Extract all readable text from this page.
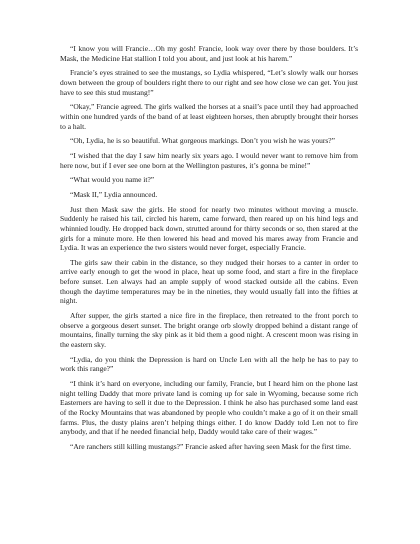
“I know you will Francie…Oh my gosh! Francie, look way over there by those boulders. It’s Mask, the Medicine Hat stallion I told you about, and just look at his harem.”

Francie’s eyes strained to see the mustangs, so Lydia whispered, “Let’s slowly walk our horses down between the group of boulders right there to our right and see how close we can get. You just have to see this stud mustang!”

“Okay,” Francie agreed. The girls walked the horses at a snail’s pace until they had approached within one hundred yards of the band of at least eighteen horses, then abruptly brought their horses to a halt.

“Oh, Lydia, he is so beautiful. What gorgeous markings. Don’t you wish he was yours?”

“I wished that the day I saw him nearly six years ago. I would never want to remove him from here now, but if I ever see one born at the Wellington pastures, it’s gonna be mine!”

“What would you name it?”

“Mask II,” Lydia announced.

Just then Mask saw the girls. He stood for nearly two minutes without moving a muscle. Suddenly he raised his tail, circled his harem, came forward, then reared up on his hind legs and whinnied loudly. He dropped back down, strutted around for thirty seconds or so, then stared at the girls for a minute more. He then lowered his head and moved his mares away from Francie and Lydia. It was an experience the two sisters would never forget, especially Francie.

The girls saw their cabin in the distance, so they nudged their horses to a canter in order to arrive early enough to get the wood in place, heat up some food, and start a fire in the fireplace before sunset. Len always had an ample supply of wood stacked outside all the cabins. Even though the daytime temperatures may be in the nineties, they would usually fall into the fifties at night.

After supper, the girls started a nice fire in the fireplace, then retreated to the front porch to observe a gorgeous desert sunset. The bright orange orb slowly dropped behind a distant range of mountains, finally turning the sky pink as it bid them a good night. A crescent moon was rising in the eastern sky.

“Lydia, do you think the Depression is hard on Uncle Len with all the help he has to pay to work this range?”

“I think it’s hard on everyone, including our family, Francie, but I heard him on the phone last night telling Daddy that more private land is coming up for sale in Wyoming, because some rich Easterners are having to sell it due to the Depression. I think he also has purchased some land east of the Rocky Mountains that was abandoned by people who couldn’t make a go of it on their small farms. Plus, the dusty plains aren’t helping things either. I do know Daddy told Len not to fire anybody, and that if he needed financial help, Daddy would take care of their wages.”

“Are ranchers still killing mustangs?” Francie asked after having seen Mask for the first time.
